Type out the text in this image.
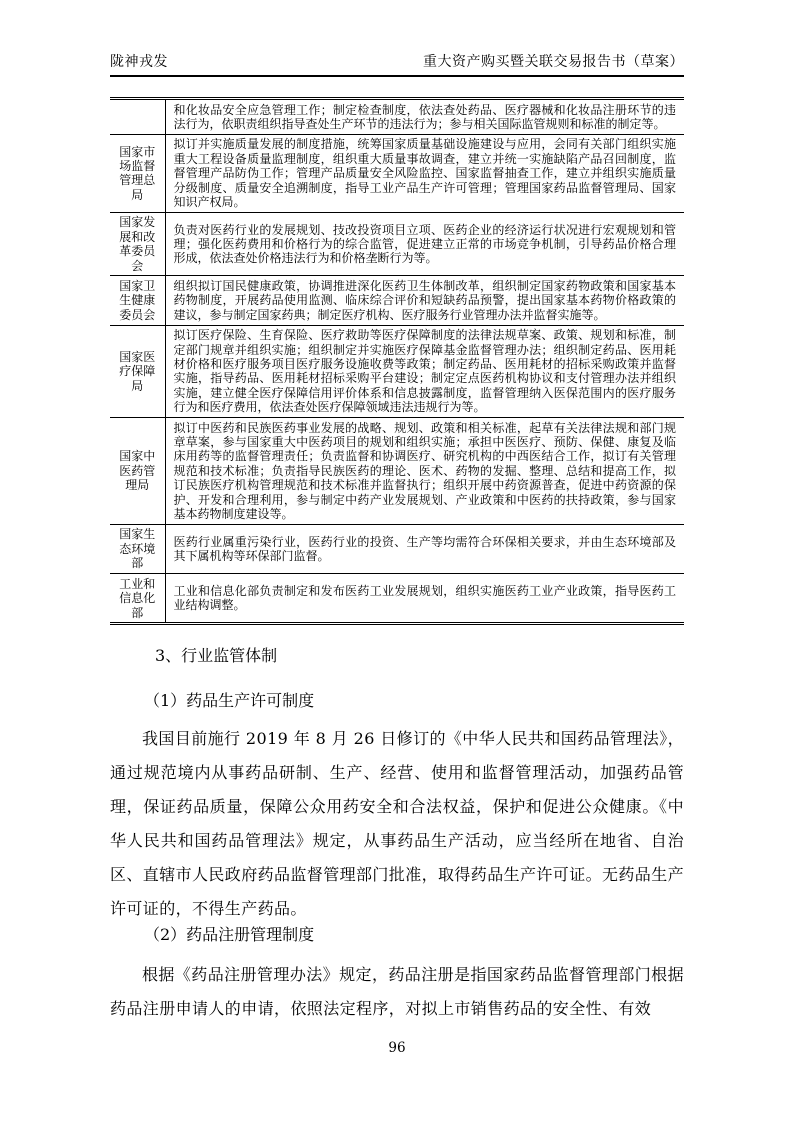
陇神戎发	重大资产购买暨关联交易报告书（草案）
	和化妆品安全应急管理工作；制定检查制度，依法查处药品、医疗器械和化妆品注册环节的违法行为，依职责组织指导查处生产环节的违法行为；参与相关国际监管规则和标准的制定等。
国家市场监督管理总局	拟订并实施质量发展的制度措施，统筹国家质量基础设施建设与应用，会同有关部门组织实施重大工程设备质量监理制度，组织重大质量事故调查，建立并统一实施缺陷产品召回制度，监督管理产品防伪工作；管理产品质量安全风险监控、国家监督抽查工作，建立并组织实施质量分级制度、质量安全追溯制度，指导工业产品生产许可管理；管理国家药品监督管理局、国家知识产权局。
国家发展和改革委员会	负责对医药行业的发展规划、技改投资项目立项、医药企业的经济运行状况进行宏观规划和管理；强化医药费用和价格行为的综合监管，促进建立正常的市场竞争机制，引导药品价格合理形成，依法查处价格违法行为和价格垄断行为等。
国家卫生健康委员会	组织拟订国民健康政策，协调推进深化医药卫生体制改革，组织制定国家药物政策和国家基本药物制度，开展药品使用监测、临床综合评价和短缺药品预警，提出国家基本药物价格政策的建议，参与制定国家药典；制定医疗机构、医疗服务行业管理办法并监督实施等。
国家医疗保障局	拟订医疗保险、生育保险、医疗救助等医疗保障制度的法律法规草案、政策、规划和标准，制定部门规章并组织实施；组织制定并实施医疗保障基金监督管理办法；组织制定药品、医用耗材价格和医疗服务项目医疗服务设施收费等政策；制定药品、医用耗材的招标采购政策并监督实施，指导药品、医用耗材招标采购平台建设；制定定点医药机构协议和支付管理办法并组织实施，建立健全医疗保障信用评价体系和信息披露制度，监督管理纳入医保范围内的医疗服务行为和医疗费用，依法查处医疗保障领域违法违规行为等。
国家中医药管理局	拟订中医药和民族医药事业发展的战略、规划、政策和相关标准，起草有关法律法规和部门规章草案，参与国家重大中医药项目的规划和组织实施；承担中医医疗、预防、保健、康复及临床用药等的监督管理责任；负责监督和协调医疗、研究机构的中西医结合工作，拟订有关管理规范和技术标准；负责指导民族医药的理论、医术、药物的发掘、整理、总结和提高工作，拟订民族医疗机构管理规范和技术标准并监督执行；组织开展中药资源普查，促进中药资源的保护、开发和合理利用，参与制定中药产业发展规划、产业政策和中医药的扶持政策，参与国家基本药物制度建设等。
国家生态环境部	医药行业属重污染行业，医药行业的投资、生产等均需符合环保相关要求，并由生态环境部及其下属机构等环保部门监督。
工业和信息化部	工业和信息化部负责制定和发布医药工业发展规划，组织实施医药工业产业政策，指导医药工业结构调整。
3、行业监管体制
（1）药品生产许可制度

我国目前施行 2019 年 8 月 26 日修订的《中华人民共和国药品管理法》，通过规范境内从事药品研制、生产、经营、使用和监督管理活动，加强药品管理，保证药品质量，保障公众用药安全和合法权益，保护和促进公众健康。《中华人民共和国药品管理法》规定，从事药品生产活动，应当经所在地省、自治区、直辖市人民政府药品监督管理部门批准，取得药品生产许可证。无药品生产许可证的，不得生产药品。

（2）药品注册管理制度

根据《药品注册管理办法》规定，药品注册是指国家药品监督管理部门根据药品注册申请人的申请，依照法定程序，对拟上市销售药品的安全性、有效

96
